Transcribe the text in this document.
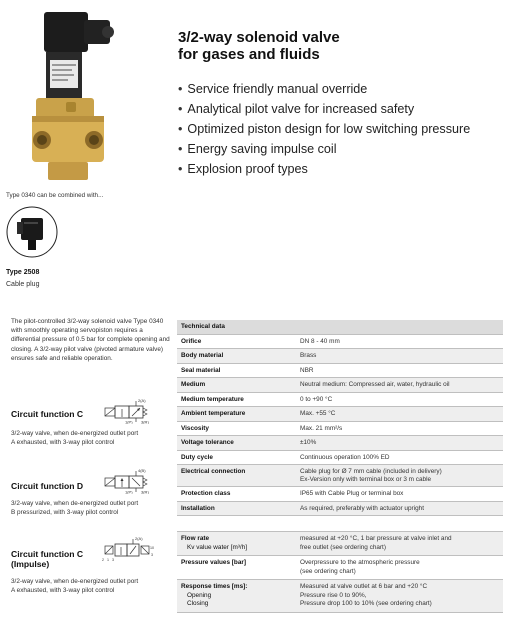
3/2-way solenoid valve
for gases and fluids
• Service friendly manual override
• Analytical pilot valve for increased safety
• Optimized piston design for low switching pressure
• Energy saving impulse coil
• Explosion proof types
Type 0340 can be combined with...
Type 2508
Cable plug

The pilot-controlled 3/2-way solenoid valve Type 0340 with smoothly operating servopiston requires a differential pressure of 0.5 bar for complete opening and closing. A 3/2-way pilot valve (pivoted armature valve) ensures safe and reliable operation.

Circuit function C
3/2-way valve, when de-energized outlet port
A exhausted, with 3-way pilot control
2(A)
1(P) 3(R)
Circuit function D
3/2-way valve, when de-energized outlet port
B pressurized, with 3-way pilot control
4(B)
1(P) 3(R)
Circuit function C
(Impulse)
3/2-way valve, when de-energized outlet port
A exhausted, with 3-way pilot control
2(A)
2 1 3
10
3
Technical data	
Orifice	DN 8 - 40 mm
Body material	Brass
Seal material	NBR
Medium	Neutral medium: Compressed air, water, hydraulic oil
Medium temperature	0 to +90 °C
Ambient temperature	Max. +55 °C
Viscosity	Max. 21 mm²/s
Voltage tolerance	±10%
Duty cycle	Continuous operation 100% ED
Electrical connection	Cable plug for Ø 7 mm cable (included in delivery)
Ex-Version only with terminal box or 3 m cable

Protection class	IP65 with Cable Plug or terminal box
Installation	As required, preferably with actuator upright
Flow rate
Kv value water [m³/h]	measured at +20 °C, 1 bar pressure at valve inlet and
free outlet (see ordering chart)

Pressure values [bar]	Overpressure to the atmospheric pressure
(see ordering chart)

Response times [ms]:
Opening
Closing	Measured at valve outlet at 6 bar and +20 °C
Pressure rise 0 to 90%,
Pressure drop 100 to 10% (see ordering chart)
